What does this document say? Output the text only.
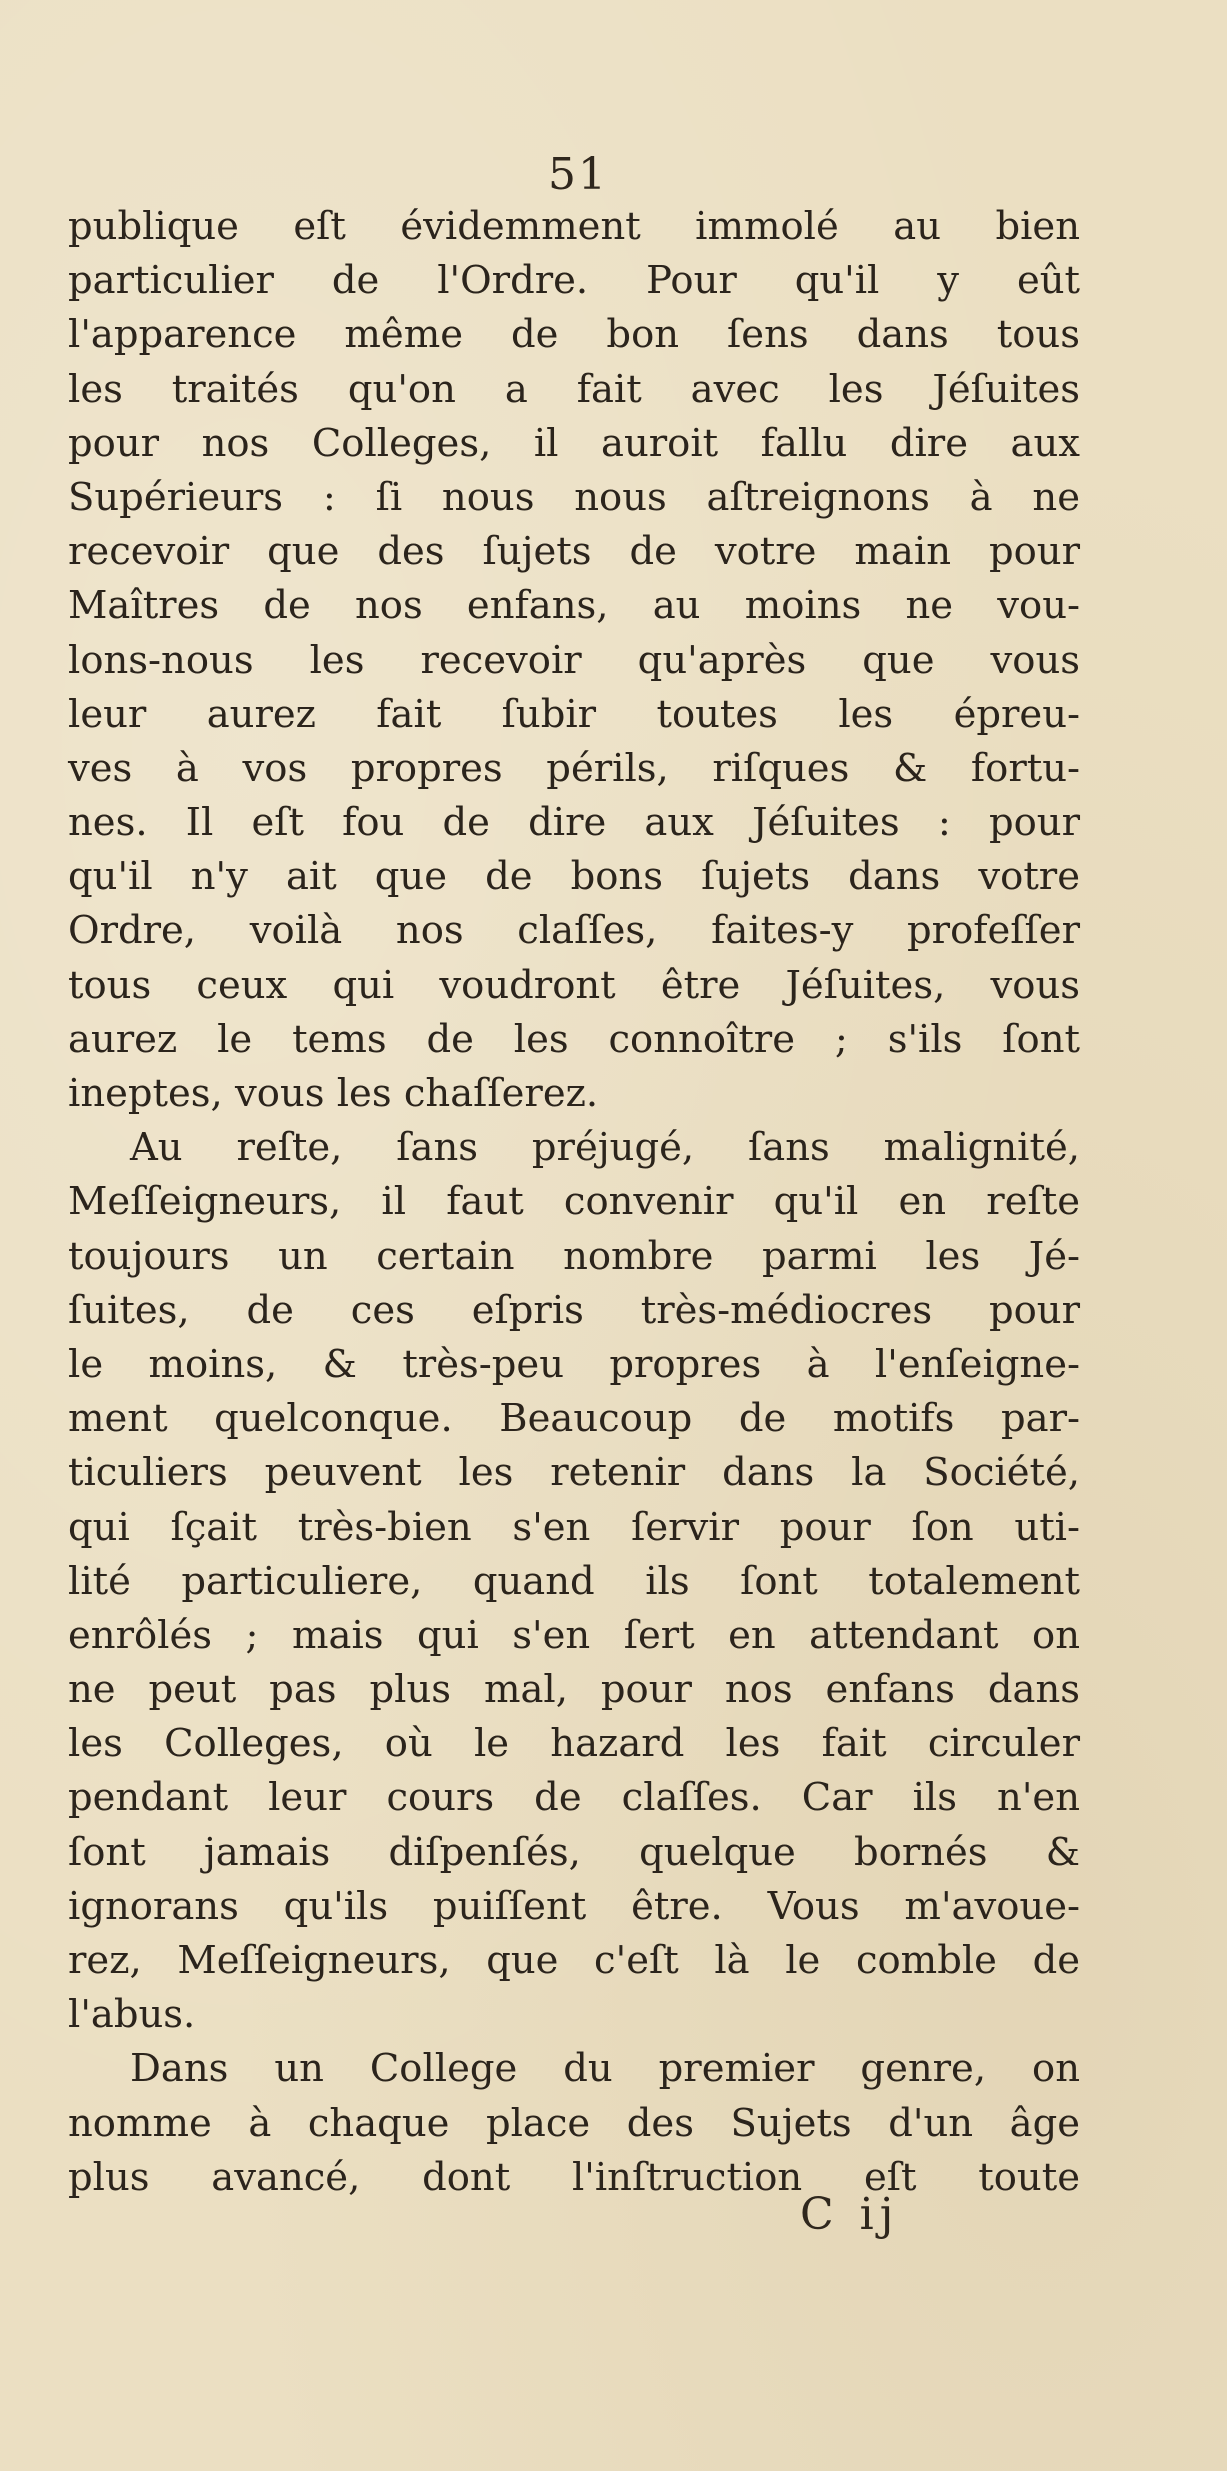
51
publique eſt évidemment immolé au bien
particulier de l'Ordre. Pour qu'il y eût
l'apparence même de bon ſens dans tous
les traités qu'on a fait avec les Jéſuites
pour nos Colleges, il auroit fallu dire aux
Supérieurs : ſi nous nous aſtreignons à ne
recevoir que des ſujets de votre main pour
Maîtres de nos enfans, au moins ne vou-
lons-nous les recevoir qu'après que vous
leur aurez fait ſubir toutes les épreu-
ves à vos propres périls, riſques & fortu-
nes. Il eſt fou de dire aux Jéſuites : pour
qu'il n'y ait que de bons ſujets dans votre
Ordre, voilà nos claſſes, faites-y profeſſer
tous ceux qui voudront être Jéſuites, vous
aurez le tems de les connoître ; s'ils ſont
ineptes, vous les chaſſerez.
Au reſte, ſans préjugé, ſans malignité,
Meſſeigneurs, il faut convenir qu'il en reſte
toujours un certain nombre parmi les Jé-
ſuites, de ces eſpris très-médiocres pour
le moins, & très-peu propres à l'enſeigne-
ment quelconque. Beaucoup de motifs par-
ticuliers peuvent les retenir dans la Société,
qui ſçait très-bien s'en ſervir pour ſon uti-
lité particuliere, quand ils ſont totalement
enrôlés ; mais qui s'en ſert en attendant on
ne peut pas plus mal, pour nos enfans dans
les Colleges, où le hazard les fait circuler
pendant leur cours de claſſes. Car ils n'en
ſont jamais diſpenſés, quelque bornés &
ignorans qu'ils puiſſent être. Vous m'avoue-
rez, Meſſeigneurs, que c'eſt là le comble de
l'abus.
Dans un College du premier genre, on
nomme à chaque place des Sujets d'un âge
plus avancé, dont l'inſtruction eſt toute
C ij
